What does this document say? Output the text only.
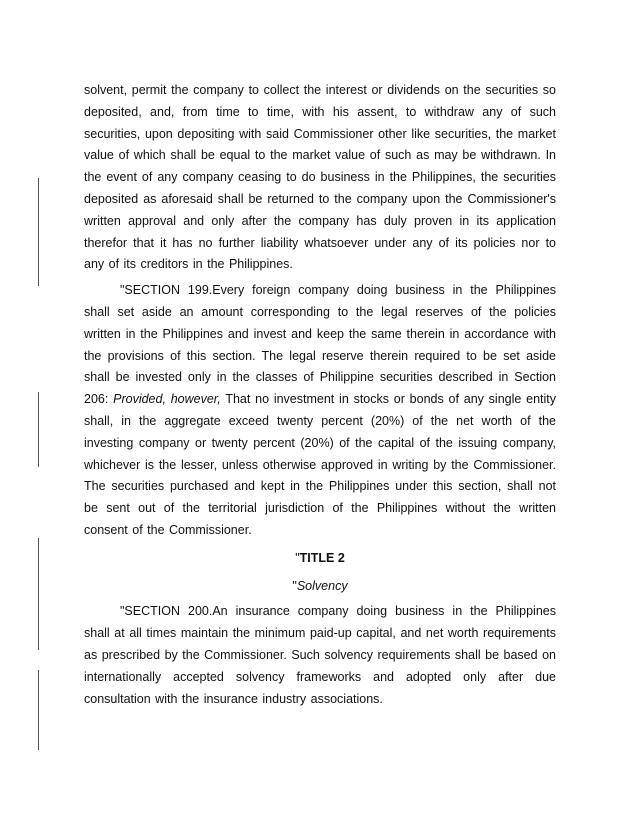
solvent, permit the company to collect the interest or dividends on the securities so deposited, and, from time to time, with his assent, to withdraw any of such securities, upon depositing with said Commissioner other like securities, the market value of which shall be equal to the market value of such as may be withdrawn. In the event of any company ceasing to do business in the Philippines, the securities deposited as aforesaid shall be returned to the company upon the Commissioner's written approval and only after the company has duly proven in its application therefor that it has no further liability whatsoever under any of its policies nor to any of its creditors in the Philippines.

"SECTION 199.Every foreign company doing business in the Philippines shall set aside an amount corresponding to the legal reserves of the policies written in the Philippines and invest and keep the same therein in accordance with the provisions of this section. The legal reserve therein required to be set aside shall be invested only in the classes of Philippine securities described in Section 206: Provided, however, That no investment in stocks or bonds of any single entity shall, in the aggregate exceed twenty percent (20%) of the net worth of the investing company or twenty percent (20%) of the capital of the issuing company, whichever is the lesser, unless otherwise approved in writing by the Commissioner. The securities purchased and kept in the Philippines under this section, shall not be sent out of the territorial jurisdiction of the Philippines without the written consent of the Commissioner.

"TITLE 2
"Solvency

"SECTION 200.An insurance company doing business in the Philippines shall at all times maintain the minimum paid-up capital, and net worth requirements as prescribed by the Commissioner. Such solvency requirements shall be based on internationally accepted solvency frameworks and adopted only after due consultation with the insurance industry associations.
